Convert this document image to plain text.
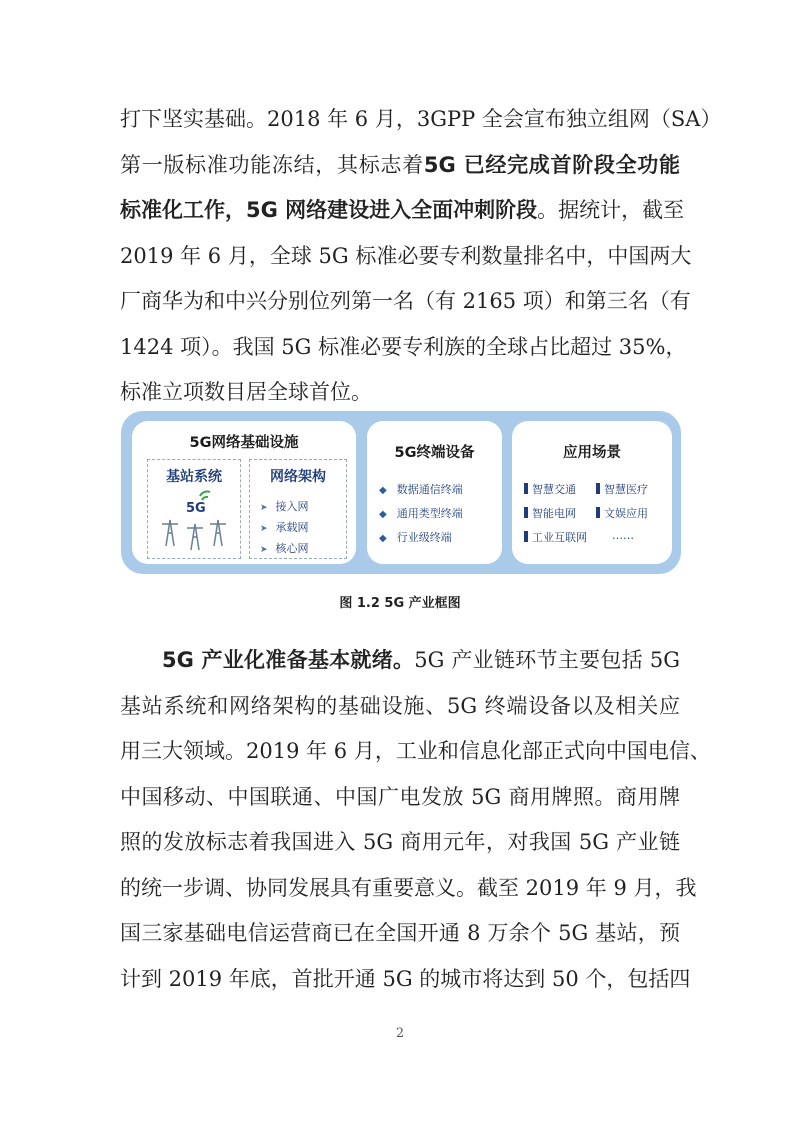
打下坚实基础。2018 年 6 月，3GPP 全会宣布独立组网（SA）
第一版标准功能冻结，其标志着5G 已经完成首阶段全功能
标准化工作，5G 网络建设进入全面冲刺阶段。据统计，截至
2019 年 6 月，全球 5G 标准必要专利数量排名中，中国两大
厂商华为和中兴分别位列第一名（有 2165 项）和第三名（有
1424 项）。我国 5G 标准必要专利族的全球占比超过 35%，
标准立项数目居全球首位。
5G网络基础设施
基站系统
5G
网络架构
➤ 接入网
➤ 承载网
➤ 核心网
5G终端设备
◆ 数据通信终端
◆ 通用类型终端
◆ 行业级终端
应用场景
智慧交通	智慧医疗
智能电网	文娱应用
工业互联网 ……
图 1.2 5G 产业框图
5G 产业化准备基本就绪。5G 产业链环节主要包括 5G
基站系统和网络架构的基础设施、5G 终端设备以及相关应
用三大领域。2019 年 6 月，工业和信息化部正式向中国电信、
中国移动、中国联通、中国广电发放 5G 商用牌照。商用牌
照的发放标志着我国进入 5G 商用元年，对我国 5G 产业链
的统一步调、协同发展具有重要意义。截至 2019 年 9 月，我
国三家基础电信运营商已在全国开通 8 万余个 5G 基站，预
计到 2019 年底，首批开通 5G 的城市将达到 50 个，包括四
2
